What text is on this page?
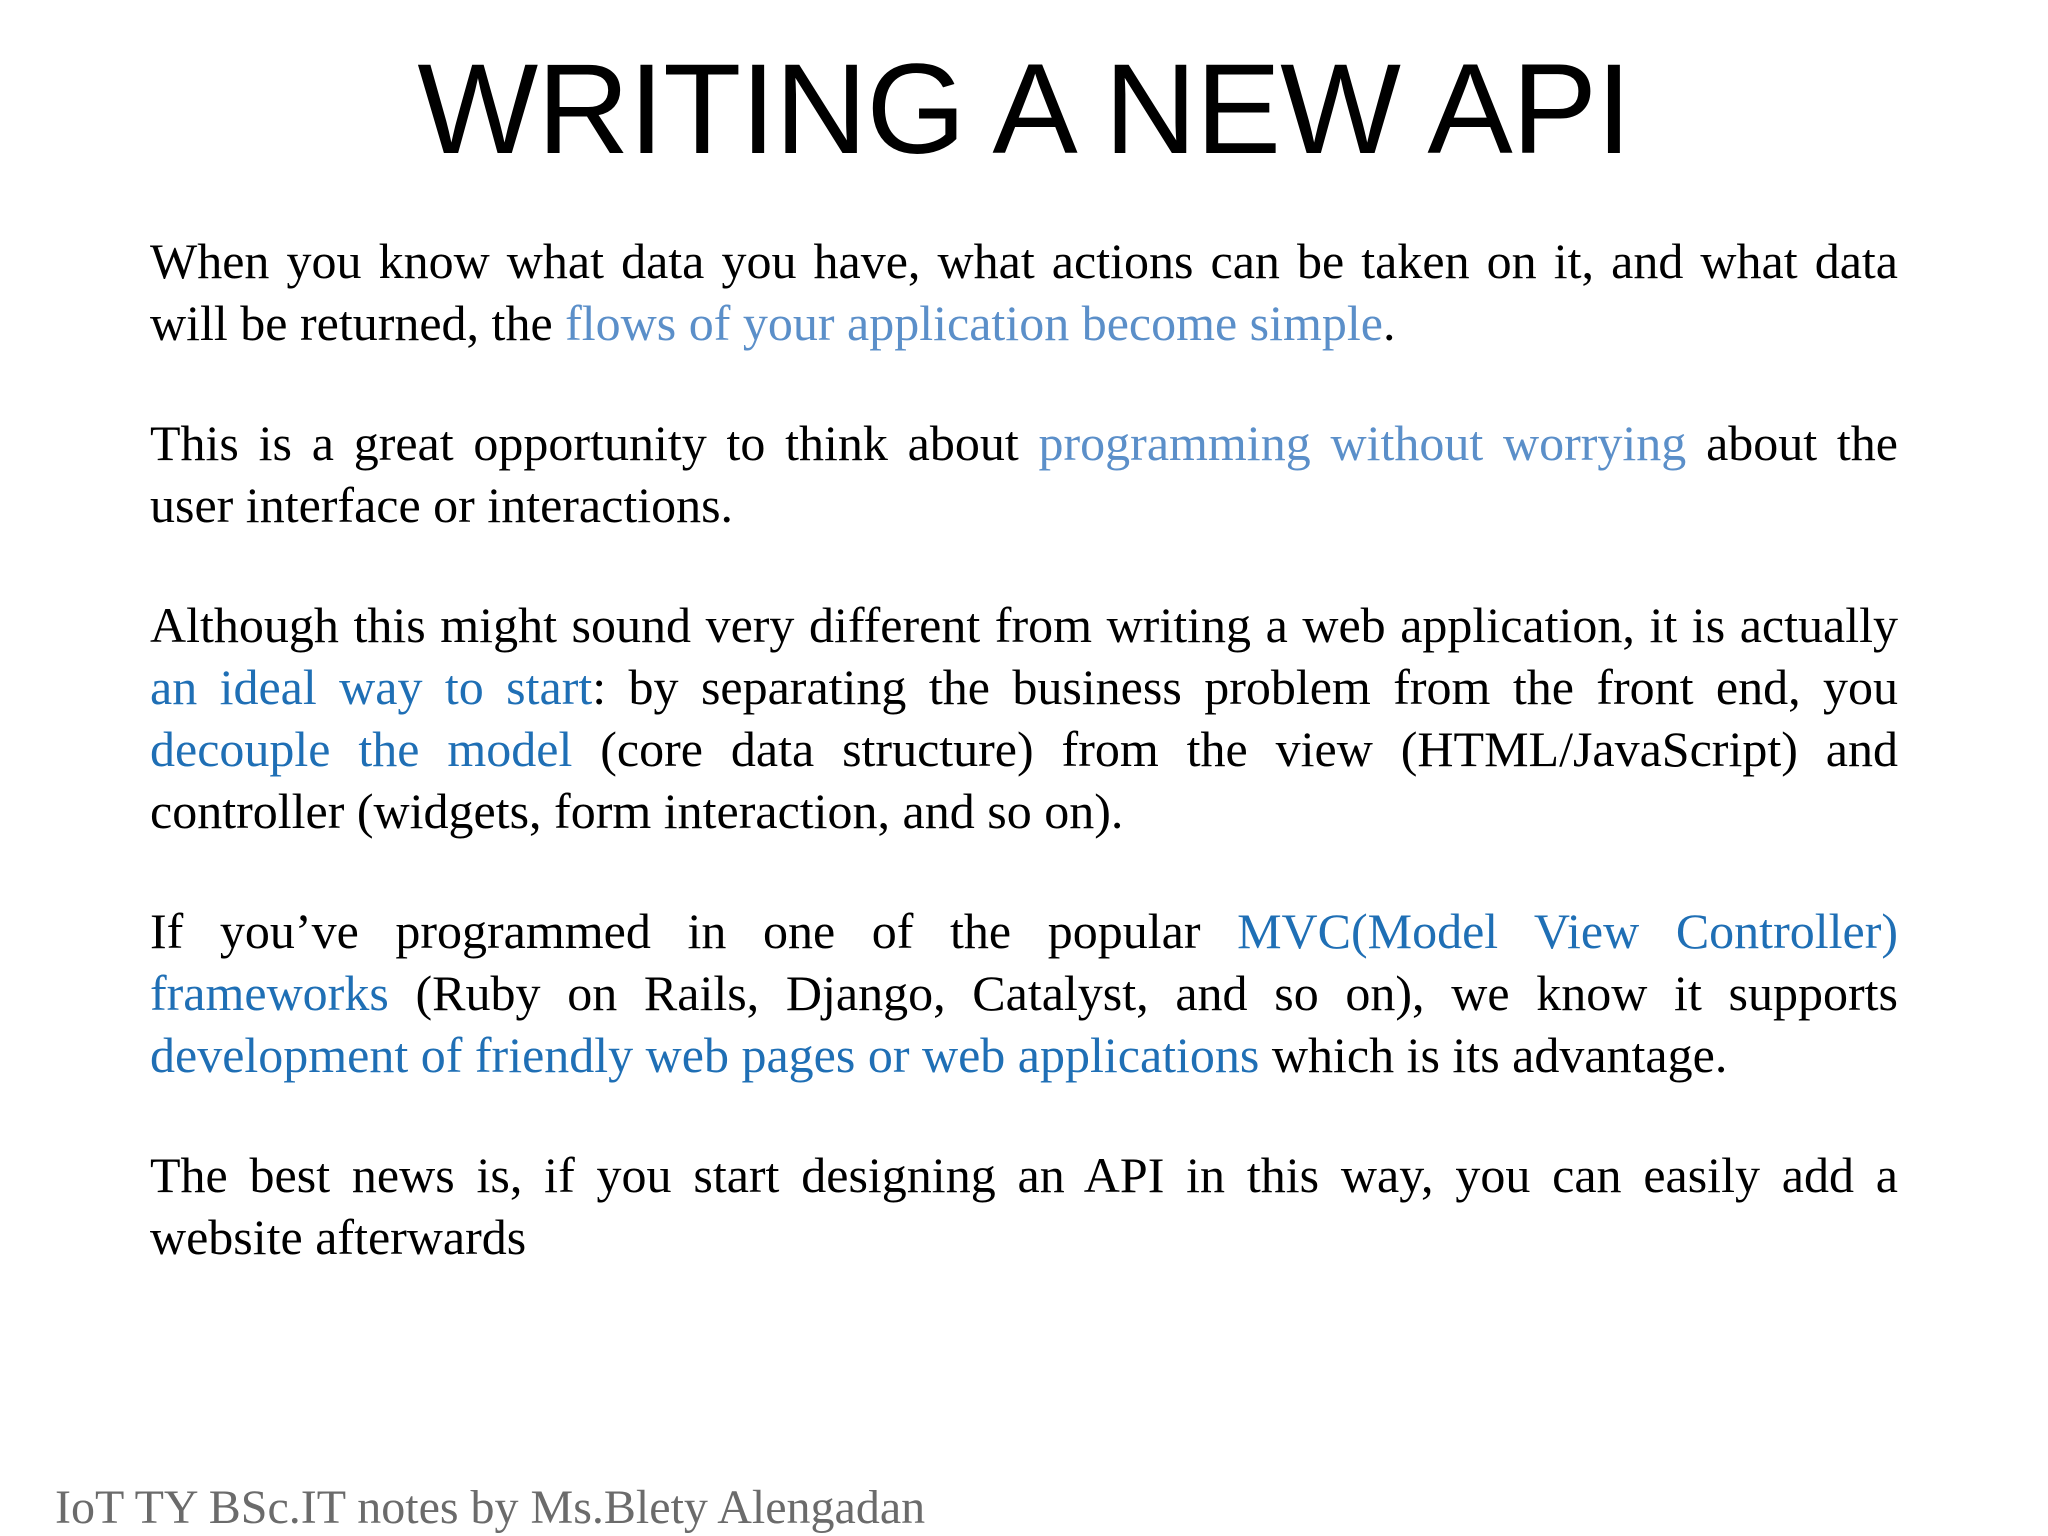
WRITING A NEW API

When you know what data you have, what actions can be taken on it, and what data will be returned, the flows of your application become simple.

This is a great opportunity to think about programming without worrying about the user interface or interactions.

Although this might sound very different from writing a web application, it is actually an ideal way to start: by separating the business problem from the front end, you decouple the model (core data structure) from the view (HTML/JavaScript) and controller (widgets, form interaction, and so on).

If you’ve programmed in one of the popular MVC(Model View Controller) frameworks (Ruby on Rails, Django, Catalyst, and so on), we know it supports development of friendly web pages or web applications which is its advantage.

The best news is, if you start designing an API in this way, you can easily add a website afterwards

IoT TY BSc.IT notes by Ms.Blety Alengadan
